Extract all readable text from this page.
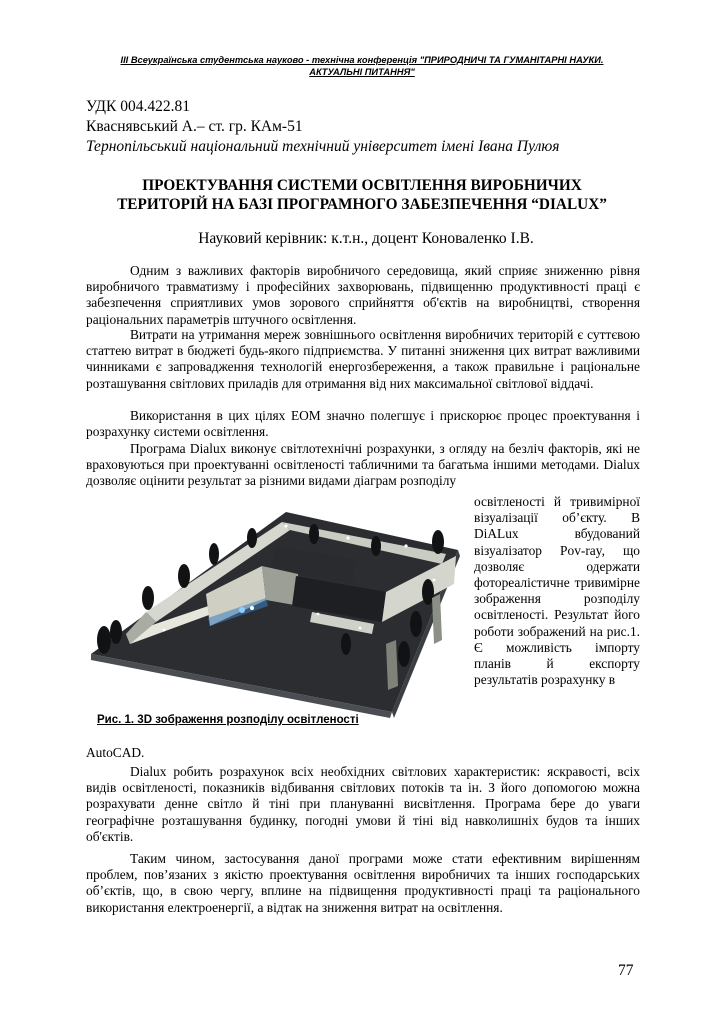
III Всеукраїнська студентська науково - технічна конференція "ПРИРОДНИЧІ ТА ГУМАНІТАРНІ НАУКИ.
АКТУАЛЬНІ ПИТАННЯ"
УДК 004.422.81
Кваснявський А.– ст. гр. КАм-51
Тернопільський національний технічний університет імені Івана Пулюя
ПРОЕКТУВАННЯ СИСТЕМИ ОСВІТЛЕННЯ ВИРОБНИЧИХ
ТЕРИТОРІЙ НА БАЗІ ПРОГРАМНОГО ЗАБЕЗПЕЧЕННЯ “DIALUX”
Науковий керівник: к.т.н., доцент Коноваленко І.В.

Одним з важливих факторів виробничого середовища, який сприяє зниженню рівня виробничого травматизму і професійних захворювань, підвищенню продуктивності праці є забезпечення сприятливих умов зорового сприйняття об'єктів на виробництві, створення раціональних параметрів штучного освітлення.

Витрати на утримання мереж зовнішнього освітлення виробничих територій є суттєвою статтею витрат в бюджеті будь-якого підприємства. У питанні зниження цих витрат важливими чинниками є запровадження технологій енергозбереження, а також правильне і раціональне розташування світлових приладів для отримання від них максимальної світлової віддачі.

Використання в цих цілях ЕОМ значно полегшує і прискорює процес проектування і розрахунку системи освітлення.

Програма Dialux виконує світлотехнічні розрахунки, з огляду на безліч факторів, які не враховуються при проектуванні освітленості табличними та багатьма іншими методами. Dialux дозволяє оцінити результат за різними видами діаграм розподілу

освітленості й тривимірної візуалізації об’єкту. В DiALux вбудований візуалізатор Pov-ray, що дозволяє одержати фотореалістичне тривимірне зображення розподілу освітленості. Результат його роботи зображений на рис.1. Є можливість імпорту планів й експорту результатів розрахунку в

Рис. 1. 3D зображення розподілу освітленості

AutoCAD.

Dialux робить розрахунок всіх необхідних світлових характеристик: яскравості, всіх видів освітленості, показників відбивання світлових потоків та ін. З його допомогою можна розрахувати денне світло й тіні при плануванні висвітлення. Програма бере до уваги географічне розташування будинку, погодні умови й тіні від навколишніх будов та інших об'єктів.

Таким чином, застосування даної програми може стати ефективним вирішенням проблем, пов’язаних з якістю проектування освітлення виробничих та інших господарських об’єктів, що, в свою чергу, вплине на підвищення продуктивності праці та раціонального використання електроенергії, а відтак на зниження витрат на освітлення.

77
